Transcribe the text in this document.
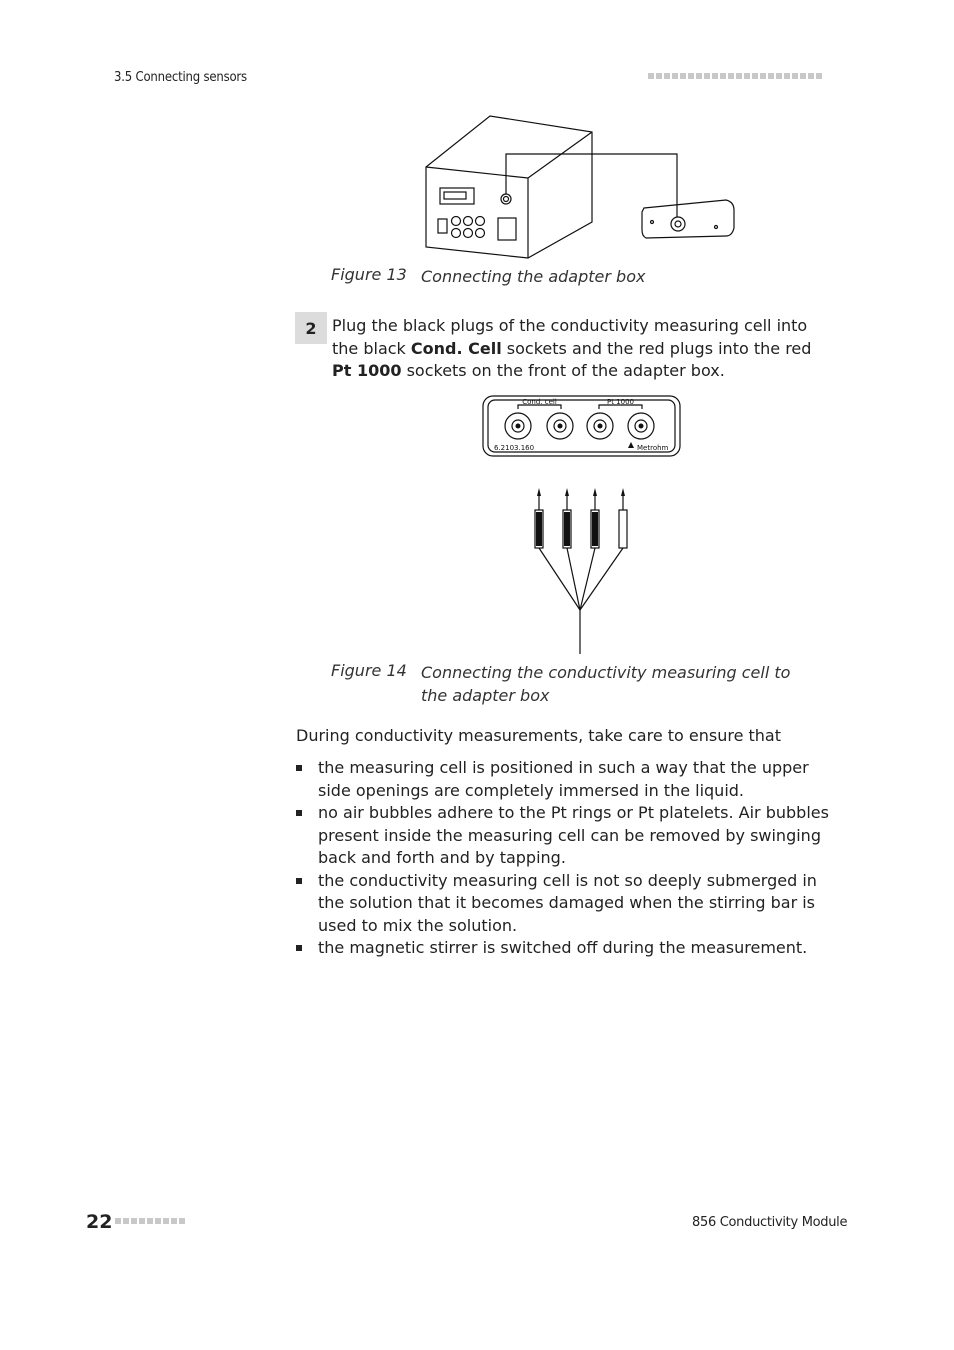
3.5 Connecting sensors
Figure 13 Connecting the adapter box
2 Plug the black plugs of the conductivity measuring cell into the black Cond. Cell sockets and the red plugs into the red Pt 1000 sockets on the front of the adapter box.
Cond. cell	Pt 1000
6.2103.160	Metrohm
Figure 14 Connecting the conductivity measuring cell to the adapter box
During conductivity measurements, take care to ensure that
the measuring cell is positioned in such a way that the upper side openings are completely immersed in the liquid.
no air bubbles adhere to the Pt rings or Pt platelets. Air bubbles present inside the measuring cell can be removed by swinging back and forth and by tapping.
the conductivity measuring cell is not so deeply submerged in the solution that it becomes damaged when the stirring bar is used to mix the solution.
the magnetic stirrer is switched off during the measurement.
22	856 Conductivity Module
